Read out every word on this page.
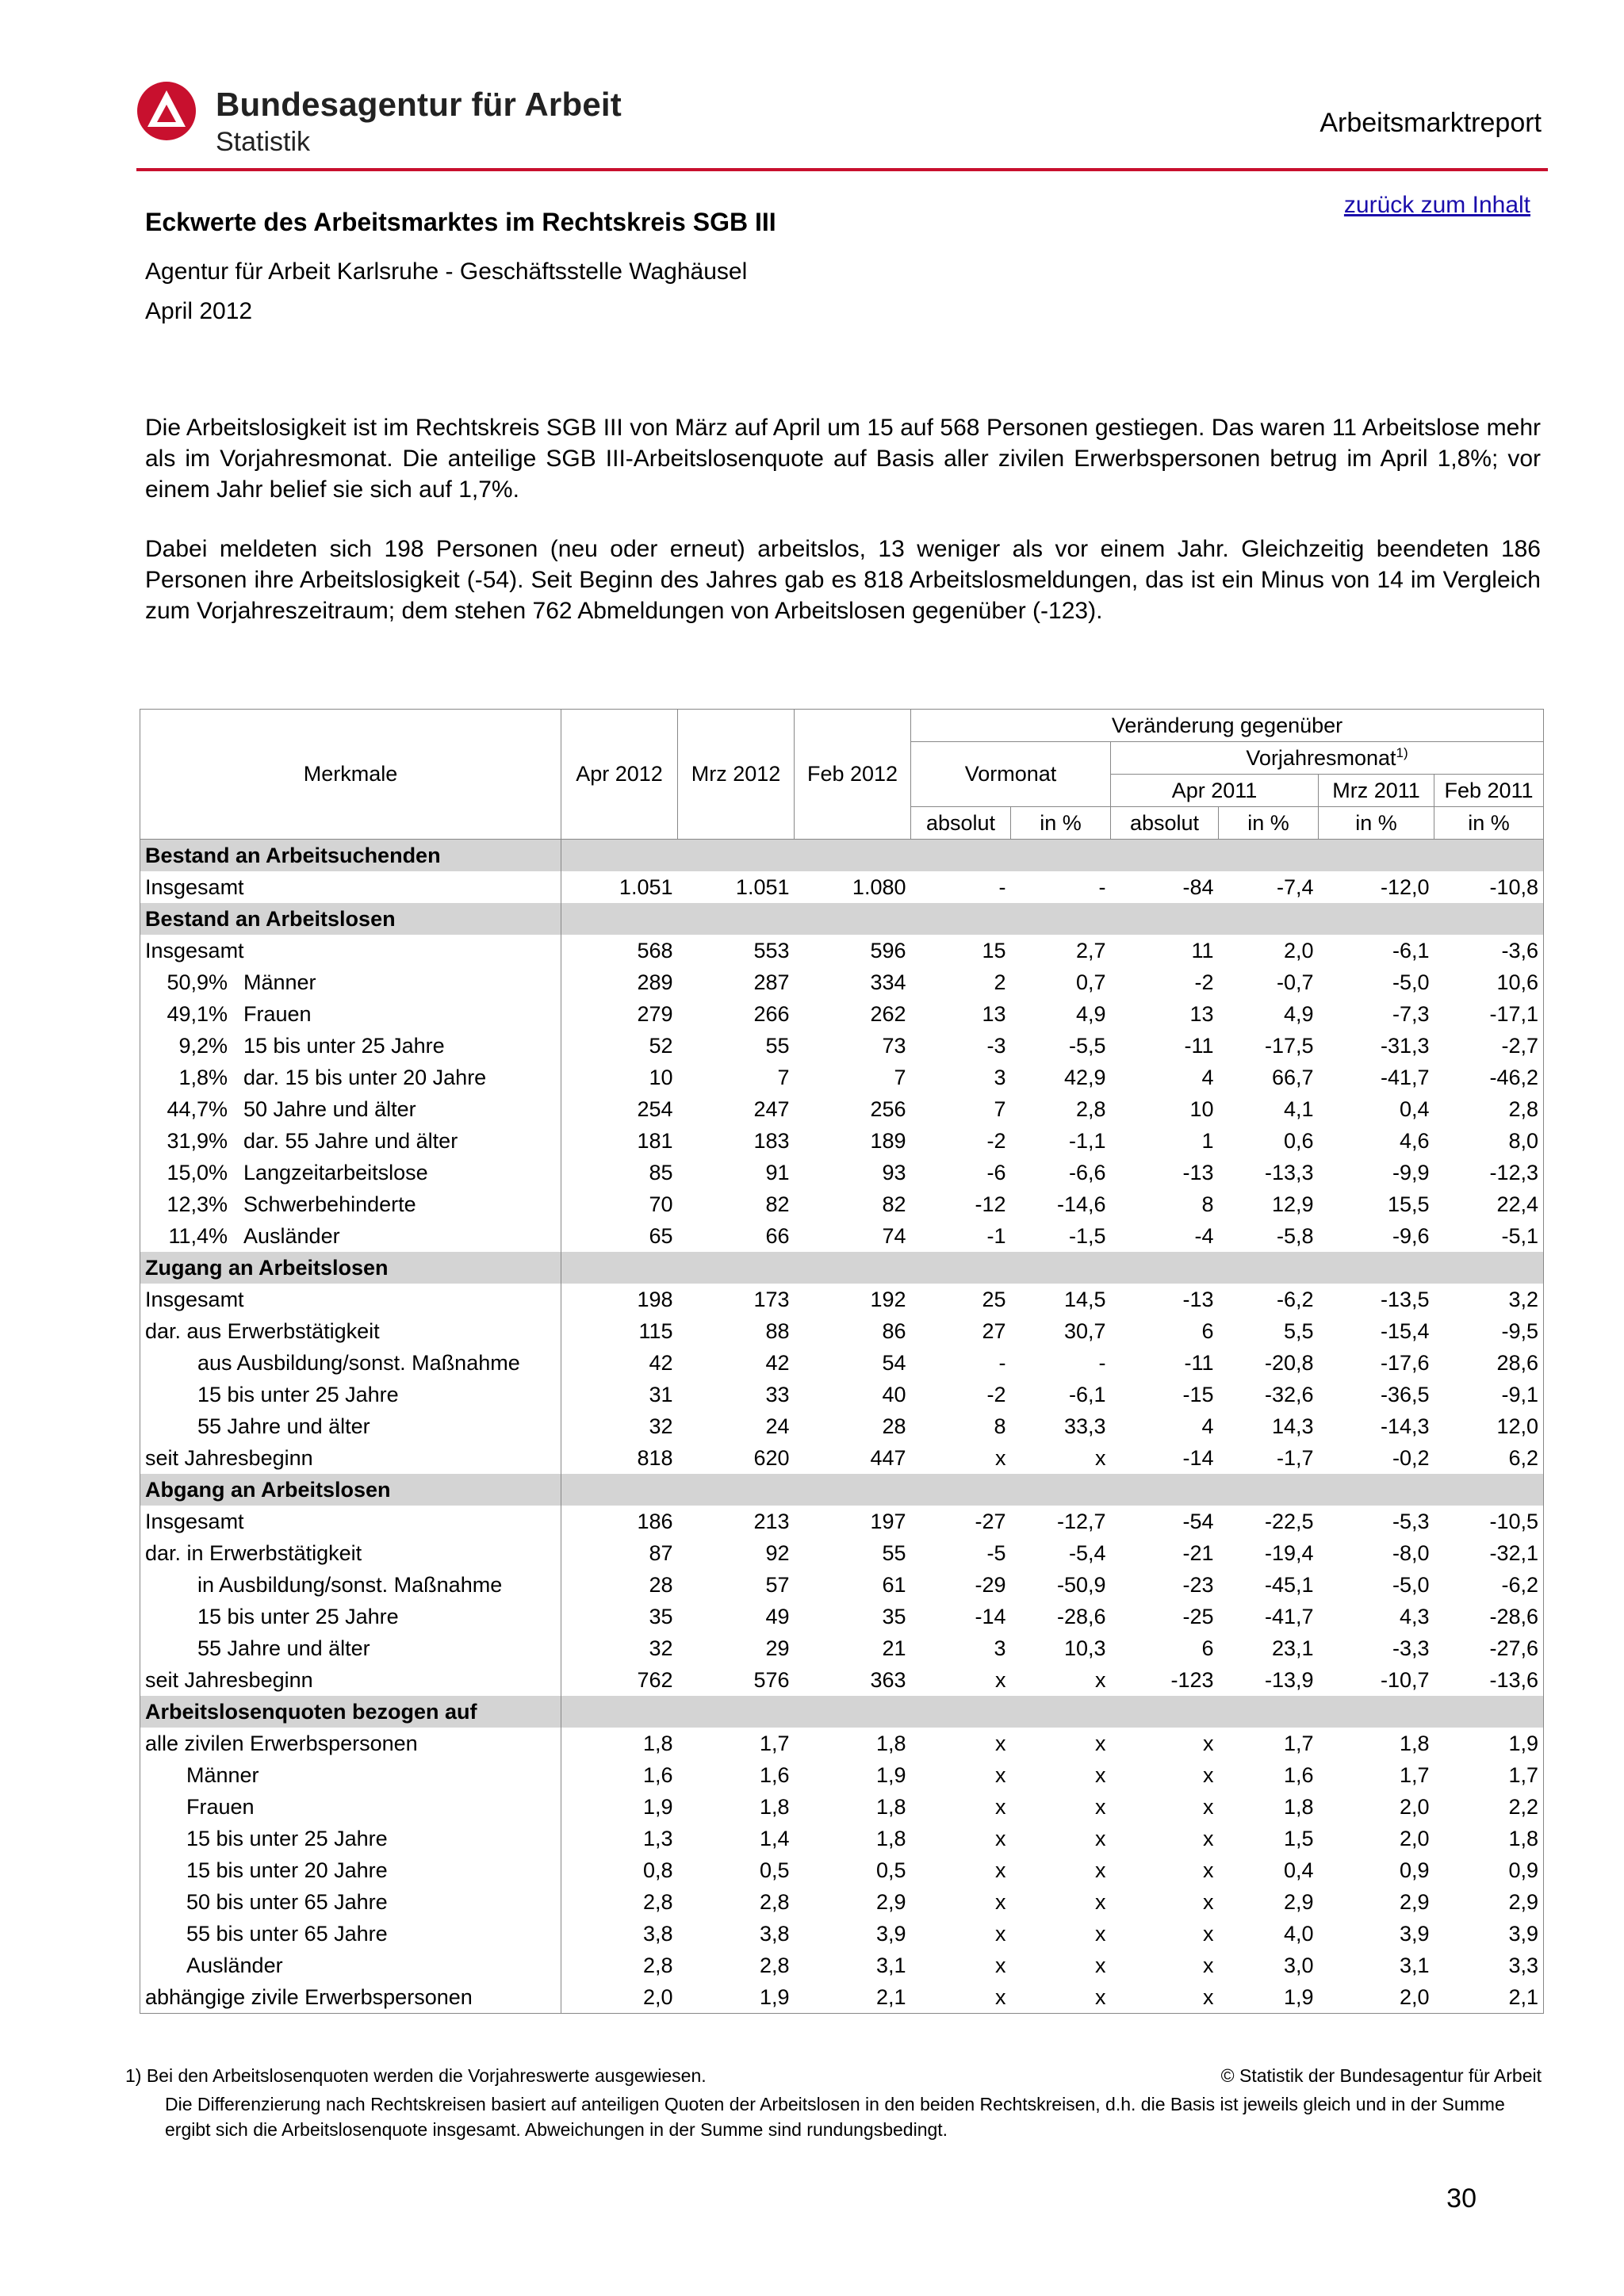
Bundesagentur für Arbeit
Statistik
Arbeitsmarktreport
zurück zum Inhalt
Eckwerte des Arbeitsmarktes im Rechtskreis SGB III
Agentur für Arbeit Karlsruhe - Geschäftsstelle Waghäusel
April 2012
Die Arbeitslosigkeit ist im Rechtskreis SGB III von März auf April um 15 auf 568 Personen gestiegen. Das waren 11 Arbeitslose mehr als im Vorjahresmonat. Die anteilige SGB III-Arbeitslosenquote auf Basis aller zivilen Erwerbspersonen betrug im April 1,8%; vor einem Jahr belief sie sich auf 1,7%.
Dabei meldeten sich 198 Personen (neu oder erneut) arbeitslos, 13 weniger als vor einem Jahr. Gleichzeitig beendeten 186 Personen ihre Arbeitslosigkeit (-54). Seit Beginn des Jahres gab es 818 Arbeitslosmeldungen, das ist ein Minus von 14 im Vergleich zum Vorjahreszeitraum; dem stehen 762 Abmeldungen von Arbeitslosen gegenüber (-123).
Merkmale	Apr 2012	Mrz 2012	Feb 2012	Veränderung gegenüber					
				Vormonat		Vorjahresmonat$^{1)}$
						Apr 2011		Mrz 2011	Feb 2011
				absolut	in %	absolut	in %	in %	in %
Bestand an Arbeitsuchenden									
Insgesamt	1.051	1.051	1.080	-	-	-84	-7,4	-12,0	-10,8
Bestand an Arbeitslosen									
Insgesamt	568	553	596	15	2,7	11	2,0	-6,1	-3,6
50,9% Männer	289	287	334	2	0,7	-2	-0,7	-5,0	10,6
49,1% Frauen	279	266	262	13	4,9	13	4,9	-7,3	-17,1
9,2% 15 bis unter 25 Jahre	52	55	73	-3	-5,5	-11	-17,5	-31,3	-2,7
1,8% dar. 15 bis unter 20 Jahre	10	7	7	3	42,9	4	66,7	-41,7	-46,2
44,7% 50 Jahre und älter	254	247	256	7	2,8	10	4,1	0,4	2,8
31,9% dar. 55 Jahre und älter	181	183	189	-2	-1,1	1	0,6	4,6	8,0
15,0% Langzeitarbeitslose	85	91	93	-6	-6,6	-13	-13,3	-9,9	-12,3
12,3% Schwerbehinderte	70	82	82	-12	-14,6	8	12,9	15,5	22,4
11,4% Ausländer	65	66	74	-1	-1,5	-4	-5,8	-9,6	-5,1
Zugang an Arbeitslosen									
Insgesamt	198	173	192	25	14,5	-13	-6,2	-13,5	3,2
dar. aus Erwerbstätigkeit	115	88	86	27	30,7	6	5,5	-15,4	-9,5
aus Ausbildung/sonst. Maßnahme	42	42	54	-	-	-11	-20,8	-17,6	28,6
15 bis unter 25 Jahre	31	33	40	-2	-6,1	-15	-32,6	-36,5	-9,1
55 Jahre und älter	32	24	28	8	33,3	4	14,3	-14,3	12,0
seit Jahresbeginn	818	620	447	x	x	-14	-1,7	-0,2	6,2
Abgang an Arbeitslosen									
Insgesamt	186	213	197	-27	-12,7	-54	-22,5	-5,3	-10,5
dar. in Erwerbstätigkeit	87	92	55	-5	-5,4	-21	-19,4	-8,0	-32,1
in Ausbildung/sonst. Maßnahme	28	57	61	-29	-50,9	-23	-45,1	-5,0	-6,2
15 bis unter 25 Jahre	35	49	35	-14	-28,6	-25	-41,7	4,3	-28,6
55 Jahre und älter	32	29	21	3	10,3	6	23,1	-3,3	-27,6
seit Jahresbeginn	762	576	363	x	x	-123	-13,9	-10,7	-13,6
Arbeitslosenquoten bezogen auf									
alle zivilen Erwerbspersonen	1,8	1,7	1,8	x	x	x	1,7	1,8	1,9
Männer	1,6	1,6	1,9	x	x	x	1,6	1,7	1,7
Frauen	1,9	1,8	1,8	x	x	x	1,8	2,0	2,2
15 bis unter 25 Jahre	1,3	1,4	1,8	x	x	x	1,5	2,0	1,8
15 bis unter 20 Jahre	0,8	0,5	0,5	x	x	x	0,4	0,9	0,9
50 bis unter 65 Jahre	2,8	2,8	2,9	x	x	x	2,9	2,9	2,9
55 bis unter 65 Jahre	3,8	3,8	3,9	x	x	x	4,0	3,9	3,9
Ausländer	2,8	2,8	3,1	x	x	x	3,0	3,1	3,3
abhängige zivile Erwerbspersonen	2,0	1,9	2,1	x	x	x	1,9	2,0	2,1
1) Bei den Arbeitslosenquoten werden die Vorjahreswerte ausgewiesen.	© Statistik der Bundesagentur für Arbeit
Die Differenzierung nach Rechtskreisen basiert auf anteiligen Quoten der Arbeitslosen in den beiden Rechtskreisen, d.h. die Basis ist jeweils gleich und in der Summe ergibt sich die Arbeitslosenquote insgesamt. Abweichungen in der Summe sind rundungsbedingt.
30
